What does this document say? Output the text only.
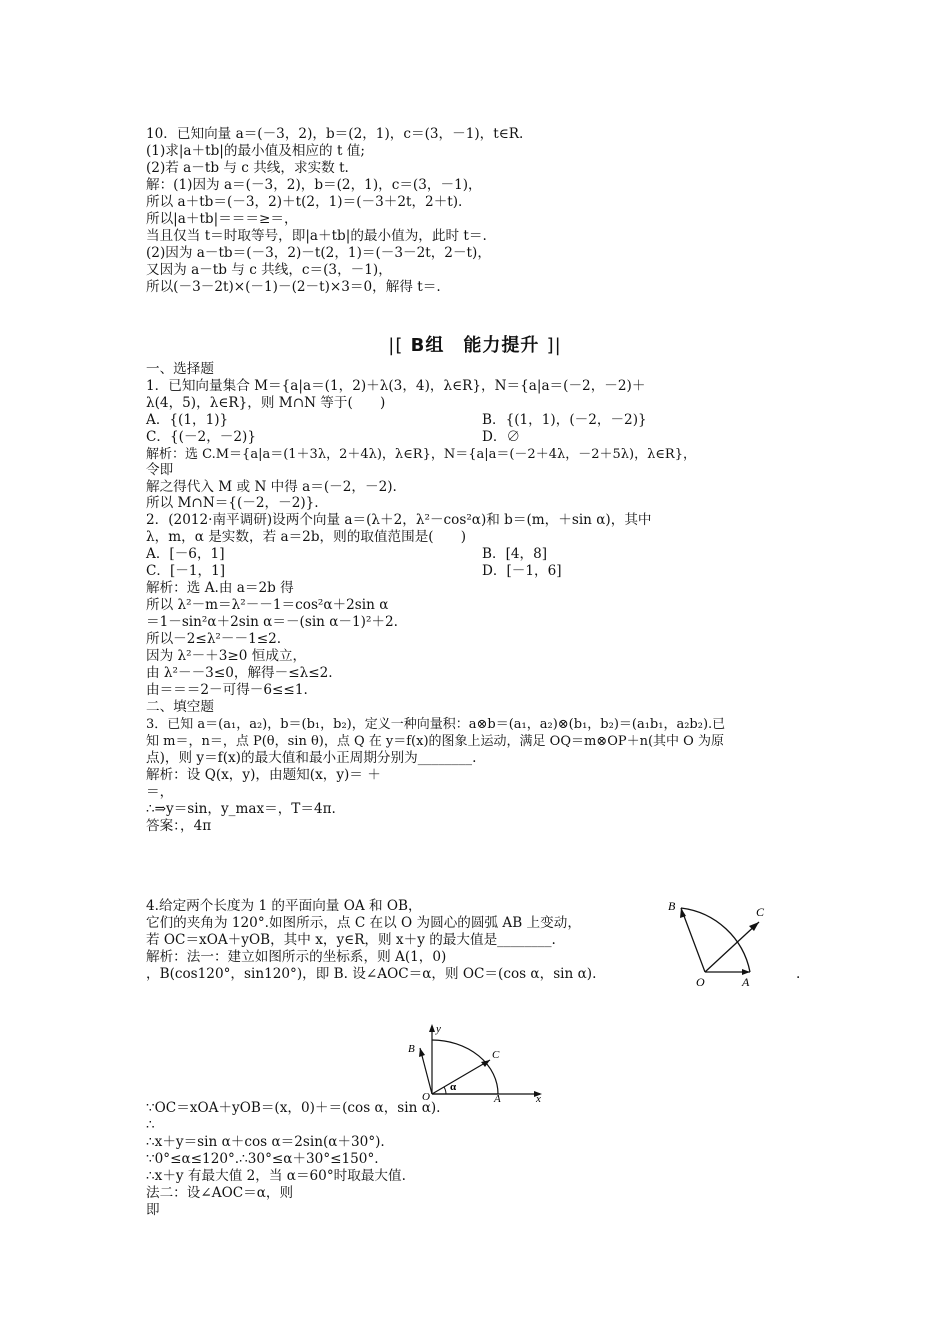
10．已知向量 a＝(－3，2)，b＝(2，1)，c＝(3，－1)，t∈R.
(1)求|a＋tb|的最小值及相应的 t 值;
(2)若 a－tb 与 c 共线，求实数 t.
解：(1)因为 a＝(－3，2)，b＝(2，1)，c＝(3，－1)，
所以 a＋tb＝(－3，2)＋t(2，1)＝(－3＋2t，2＋t).
所以|a＋tb|＝＝＝≥＝，
当且仅当 t＝时取等号，即|a＋tb|的最小值为，此时 t＝.
(2)因为 a－tb＝(－3，2)－t(2，1)＝(－3－2t，2－t)，
又因为 a－tb 与 c 共线，c＝(3，－1)，
所以(－3－2t)×(－1)－(2－t)×3＝0，解得 t＝.
|[ B组　能力提升 ]|
一、选择题
1．已知向量集合 M＝{a|a＝(1，2)＋λ(3，4)，λ∈R}，N＝{a|a＝(－2，－2)＋
λ(4，5)，λ∈R}，则 M∩N 等于(　　)
A．{(1，1)}	B．{(1，1)，(－2，－2)}
C．{(－2，－2)}	D．∅
解析：选 C.M＝{a|a＝(1＋3λ，2＋4λ)，λ∈R}，N＝{a|a＝(－2＋4λ，－2＋5λ)，λ∈R}，
令即
解之得代入 M 或 N 中得 a＝(－2，－2).
所以 M∩N＝{(－2，－2)}.
2．(2012·南平调研)设两个向量 a＝(λ＋2，λ²－cos²α)和 b＝(m，＋sin α)，其中
λ，m，α 是实数，若 a＝2b，则的取值范围是(　　)
A．[－6，1]	B．[4，8]
C．[－1，1]	D．[－1，6]
解析：选 A.由 a＝2b 得
所以 λ²－m＝λ²－－1＝cos²α＋2sin α
＝1－sin²α＋2sin α＝－(sin α－1)²＋2.
所以－2≤λ²－－1≤2.
因为 λ²－＋3≥0 恒成立，
由 λ²－－3≤0，解得－≤λ≤2.
由＝＝＝2－可得－6≤≤1.
二、填空题
3．已知 a＝(a₁，a₂)，b＝(b₁，b₂)，定义一种向量积：a⊗b＝(a₁，a₂)⊗(b₁，b₂)＝(a₁b₁，a₂b₂).已
知 m＝，n＝，点 P(θ，sin θ)，点 Q 在 y＝f(x)的图象上运动，满足 OQ＝m⊗OP＋n(其中 O 为原
点)，则 y＝f(x)的最大值和最小正周期分别为________.
解析：设 Q(x，y)，由题知(x，y)＝ ＋
＝，
∴⇒y＝sin，y_max＝，T＝4π.
答案：，4π
4.给定两个长度为 1 的平面向量 OA 和 OB，
它们的夹角为 120°.如图所示，点 C 在以 O 为圆心的圆弧 AB 上变动，
若 OC＝xOA＋yOB，其中 x，y∈R，则 x＋y 的最大值是________.
解析：法一：建立如图所示的坐标系，则 A(1，0)
，B(cos120°，sin120°)，即 B. 设∠AOC＝α，则 OC＝(cos α，sin α).	.
B	C
O	A
y
B	C
O	A	x
α
∵OC＝xOA＋yOB＝(x，0)＋＝(cos α，sin α).
∴
∴x＋y＝sin α＋cos α＝2sin(α＋30°).
∵0°≤α≤120°.∴30°≤α＋30°≤150°.
∴x＋y 有最大值 2，当 α＝60°时取最大值.
法二：设∠AOC＝α，则
即
